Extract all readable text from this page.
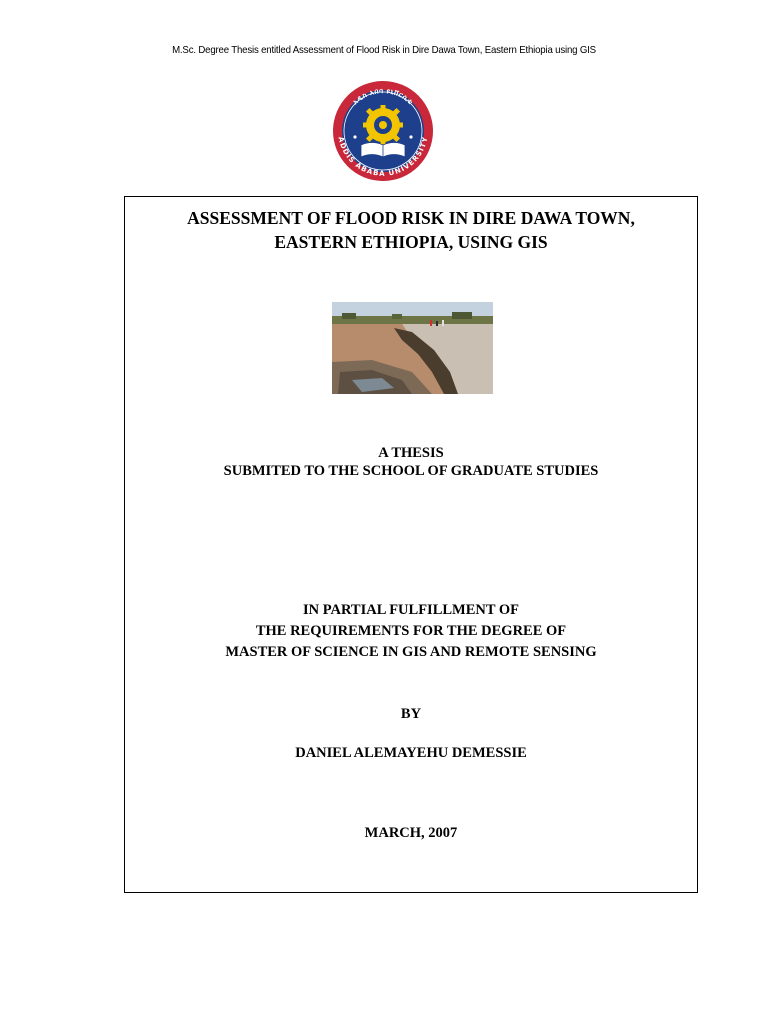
M.Sc. Degree Thesis entitled Assessment of Flood Risk in Dire Dawa Town, Eastern Ethiopia using GIS
አዲስ አበባ ዩኒቨርሲቲ
ADDIS ABABA UNIVERSITY
ASSESSMENT OF FLOOD RISK IN DIRE DAWA TOWN,
EASTERN ETHIOPIA, USING GIS
A THESIS
SUBMITED TO THE SCHOOL OF GRADUATE STUDIES
IN PARTIAL FULFILLMENT OF
THE REQUIREMENTS FOR THE DEGREE OF
MASTER OF SCIENCE IN GIS AND REMOTE SENSING
BY
DANIEL ALEMAYEHU DEMESSIE
MARCH, 2007
